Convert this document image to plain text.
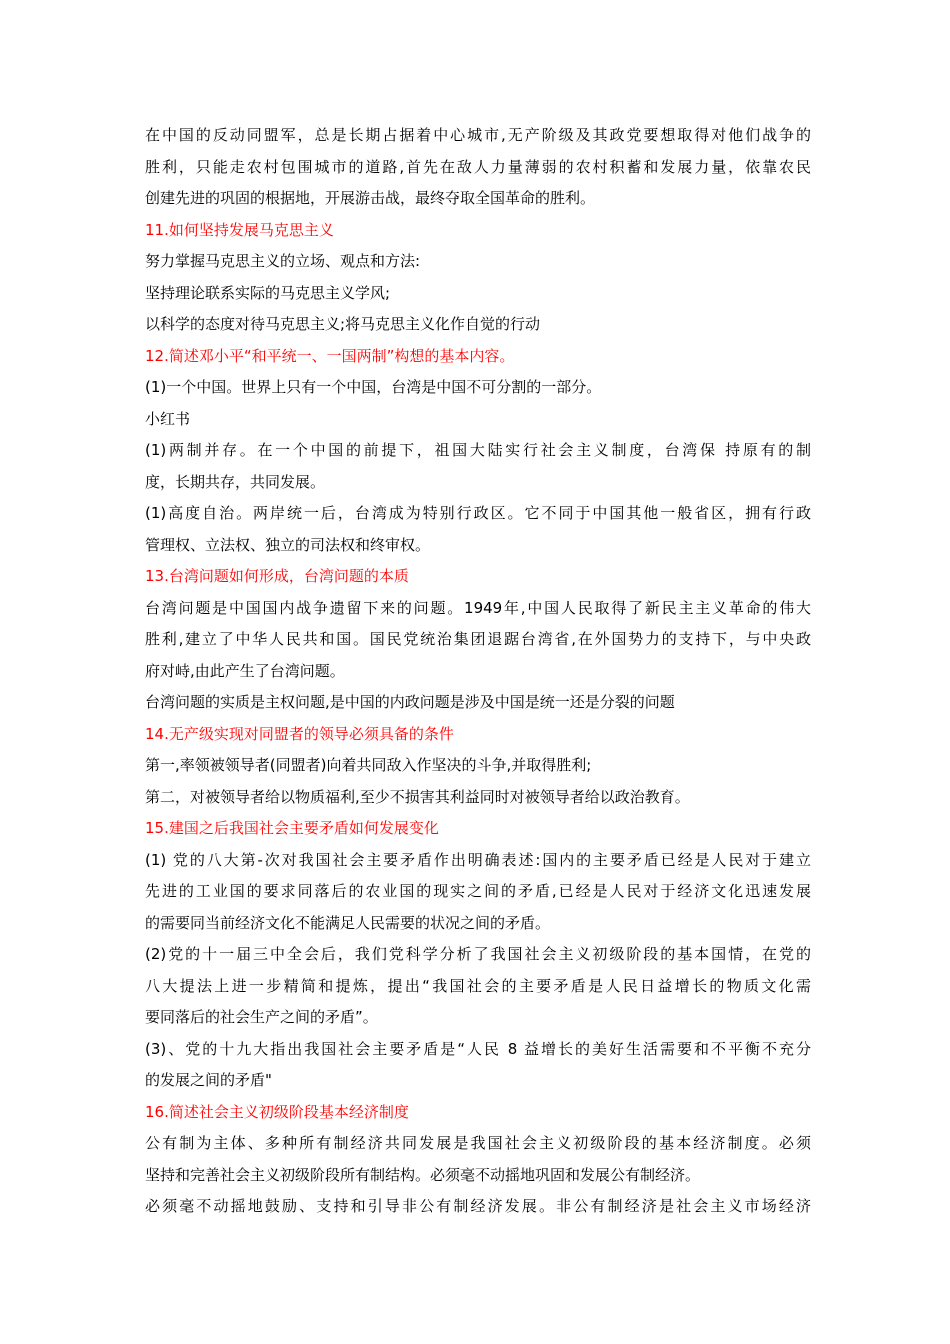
在中国的反动同盟军，总是长期占据着中心城市,无产阶级及其政党要想取得对他们战争的
胜利，只能走农村包围城市的道路,首先在敌人力量薄弱的农村积蓄和发展力量，依靠农民
创建先进的巩固的根据地，开展游击战，最终夺取全国革命的胜利。
11.如何坚持发展马克思主义
努力掌握马克思主义的立场、观点和方法:
坚持理论联系实际的马克思主义学风;
以科学的态度对待马克思主义;将马克思主义化作自觉的行动
12.简述邓小平“和平统一、一国两制”构想的基本内容。
(1)一个中国。世界上只有一个中国，台湾是中国不可分割的一部分。
小红书
(1)两制并存。在一个中国的前提下，祖国大陆实行社会主义制度，台湾保 持原有的制
度，长期共存，共同发展。
(1)高度自治。两岸统一后，台湾成为特别行政区。它不同于中国其他一般省区，拥有行政
管理权、立法权、独立的司法权和终审权。
13.台湾问题如何形成，台湾问题的本质
台湾问题是中国国内战争遗留下来的问题。1949年,中国人民取得了新民主主义革命的伟大
胜利,建立了中华人民共和国。国民党统治集团退踞台湾省,在外国势力的支持下，与中央政
府对峙,由此产生了台湾问题。
台湾问题的实质是主权问题,是中国的内政问题是涉及中国是统一还是分裂的问题
14.无产级实现对同盟者的领导必须具备的条件
第一,率领被领导者(同盟者)向着共同敌入作坚决的斗争,并取得胜利;
第二，对被领导者给以物质福利,至少不损害其利益同时对被领导者给以政治教育。
15.建国之后我国社会主要矛盾如何发展变化
(1) 党的八大第-次对我国社会主要矛盾作出明确表述:国内的主要矛盾已经是人民对于建立
先进的工业国的要求同落后的农业国的现实之间的矛盾,已经是人民对于经济文化迅速发展
的需要同当前经济文化不能满足人民需要的状况之间的矛盾。
(2)党的十一届三中全会后，我们党科学分析了我国社会主义初级阶段的基本国情，在党的
八大提法上进一步精简和提炼，提出“我国社会的主要矛盾是人民日益增长的物质文化需
要同落后的社会生产之间的矛盾”。
(3)、党的十九大指出我国社会主要矛盾是“人民 8 益增长的美好生活需要和不平衡不充分
的发展之间的矛盾"
16.简述社会主义初级阶段基本经济制度
公有制为主体、多种所有制经济共同发展是我国社会主义初级阶段的基本经济制度。必须
坚持和完善社会主义初级阶段所有制结构。必须毫不动摇地巩固和发展公有制经济。
必须毫不动摇地鼓励、支持和引导非公有制经济发展。非公有制经济是社会主义市场经济
